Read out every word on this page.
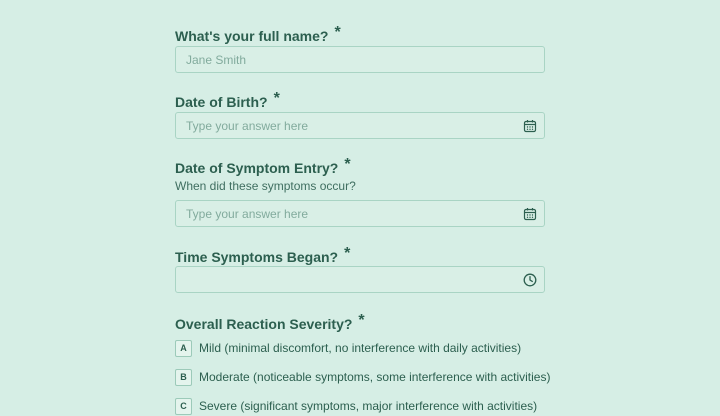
What's your full name? *
Jane Smith
Date of Birth? *
Type your answer here
Date of Symptom Entry? *
When did these symptoms occur?
Type your answer here
Time Symptoms Began? *
Overall Reaction Severity? *
A	Mild (minimal discomfort, no interference with daily activities)
B	Moderate (noticeable symptoms, some interference with activities)
C	Severe (significant symptoms, major interference with activities)
